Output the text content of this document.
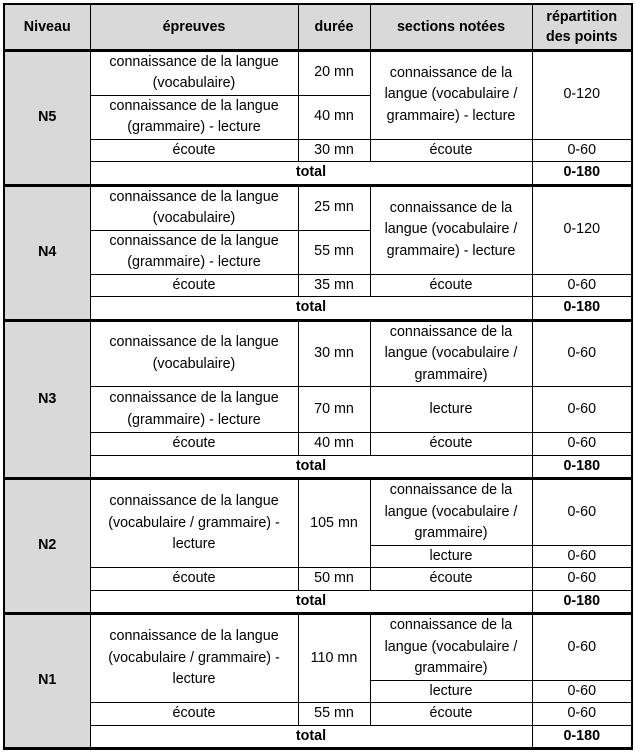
Niveau	épreuves	durée	sections notées	répartition des points
N5	connaissance de la langue (vocabulaire)	20 mn	connaissance de la langue (vocabulaire / grammaire) - lecture	0-120
	connaissance de la langue (grammaire) - lecture	40 mn		
	écoute	30 mn	écoute	0-60
	total			0-180
N4	connaissance de la langue (vocabulaire)	25 mn	connaissance de la langue (vocabulaire / grammaire) - lecture	0-120
	connaissance de la langue (grammaire) - lecture	55 mn		
	écoute	35 mn	écoute	0-60
	total			0-180
N3	connaissance de la langue (vocabulaire)	30 mn	connaissance de la langue (vocabulaire / grammaire)	0-60
	connaissance de la langue (grammaire) - lecture	70 mn	lecture	0-60
	écoute	40 mn	écoute	0-60
	total			0-180
N2	connaissance de la langue (vocabulaire / grammaire) - lecture	105 mn	connaissance de la langue (vocabulaire / grammaire)	0-60
			lecture	0-60
	écoute	50 mn	écoute	0-60
	total			0-180
N1	connaissance de la langue (vocabulaire / grammaire) - lecture	110 mn	connaissance de la langue (vocabulaire / grammaire)	0-60
			lecture	0-60
	écoute	55 mn	écoute	0-60
	total			0-180
